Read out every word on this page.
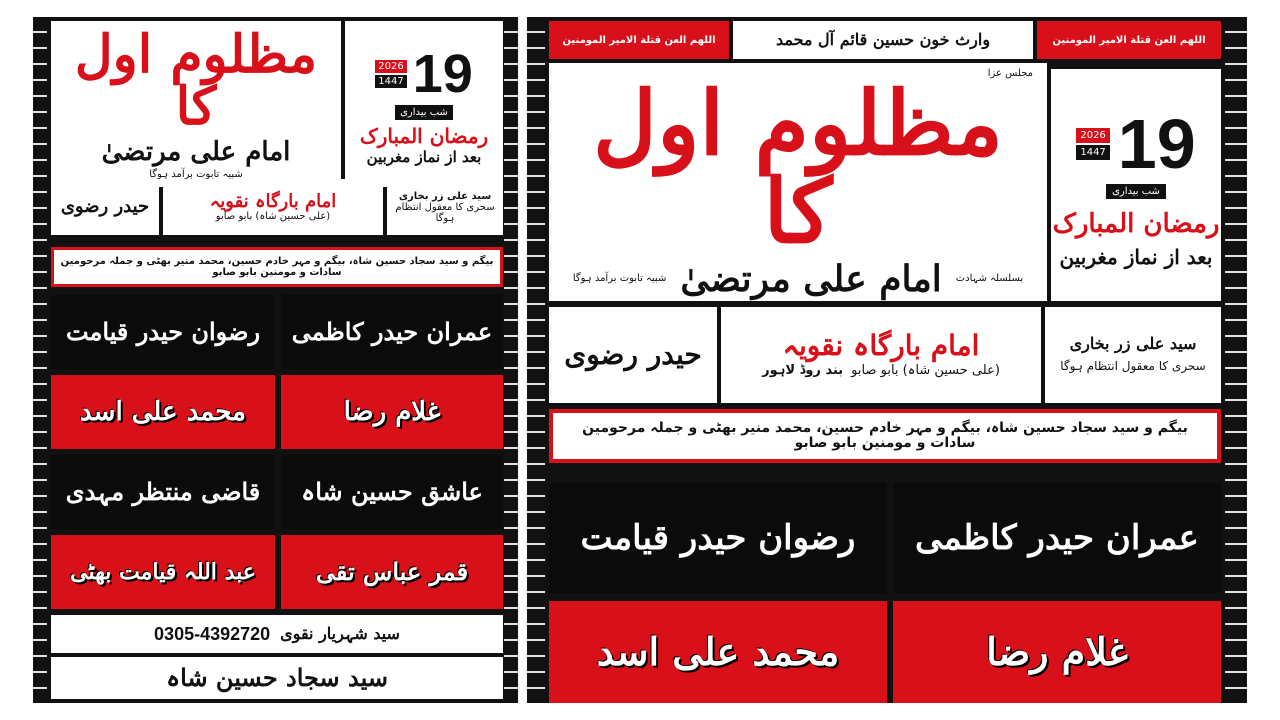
مظلوم اول کا
امام علی مرتضیٰ
شبیہ تابوت برآمد ہوگا
2026
1447 19
شب بیداری
رمضان المبارک
بعد از نماز مغربین
حیدر رضوی	امام بارگاہ نقویہ
(علی حسین شاہ) بابو صابو
سید علی زر بخاری
سحری کا معقول انتظام ہوگا
بیگم و سید سجاد حسین شاہ، بیگم و مہر خادم حسین، محمد منیر بھٹی و جملہ مرحومین سادات و مومنین بابو صابو
عمران حیدر کاظمی
رضوان حیدر قیامت
غلام رضا
محمد علی اسد
عاشق حسین شاہ
قاضی منتظر مہدی
قمر عباس تقی
عبد اللہ قیامت بھٹی
سید شہریار نقوی
0305-4392720
سید سجاد حسین شاہ
اللھم العن قتلة الامیر المومنین	وارث خون حسین قائم آل محمد	اللھم العن قتلة الامیر المومنین
مجلس عزا
مظلوم اول کا
بسلسلہ شہادت
امام علی مرتضیٰ
شبیہ تابوت برآمد ہوگا
2026
1447 19
شب بیداری
رمضان المبارک
بعد از نماز مغربین
حیدر رضوی	امام بارگاہ نقویہ
(علی حسین شاہ) بابو صابو
بند روڈ لاہور
سید علی زر بخاری
سحری کا معقول انتظام ہوگا
بیگم و سید سجاد حسین شاہ، بیگم و مہر خادم حسین، محمد منیر بھٹی و جملہ مرحومین سادات و مومنین بابو صابو
عمران حیدر کاظمی
رضوان حیدر قیامت
غلام رضا
محمد علی اسد
